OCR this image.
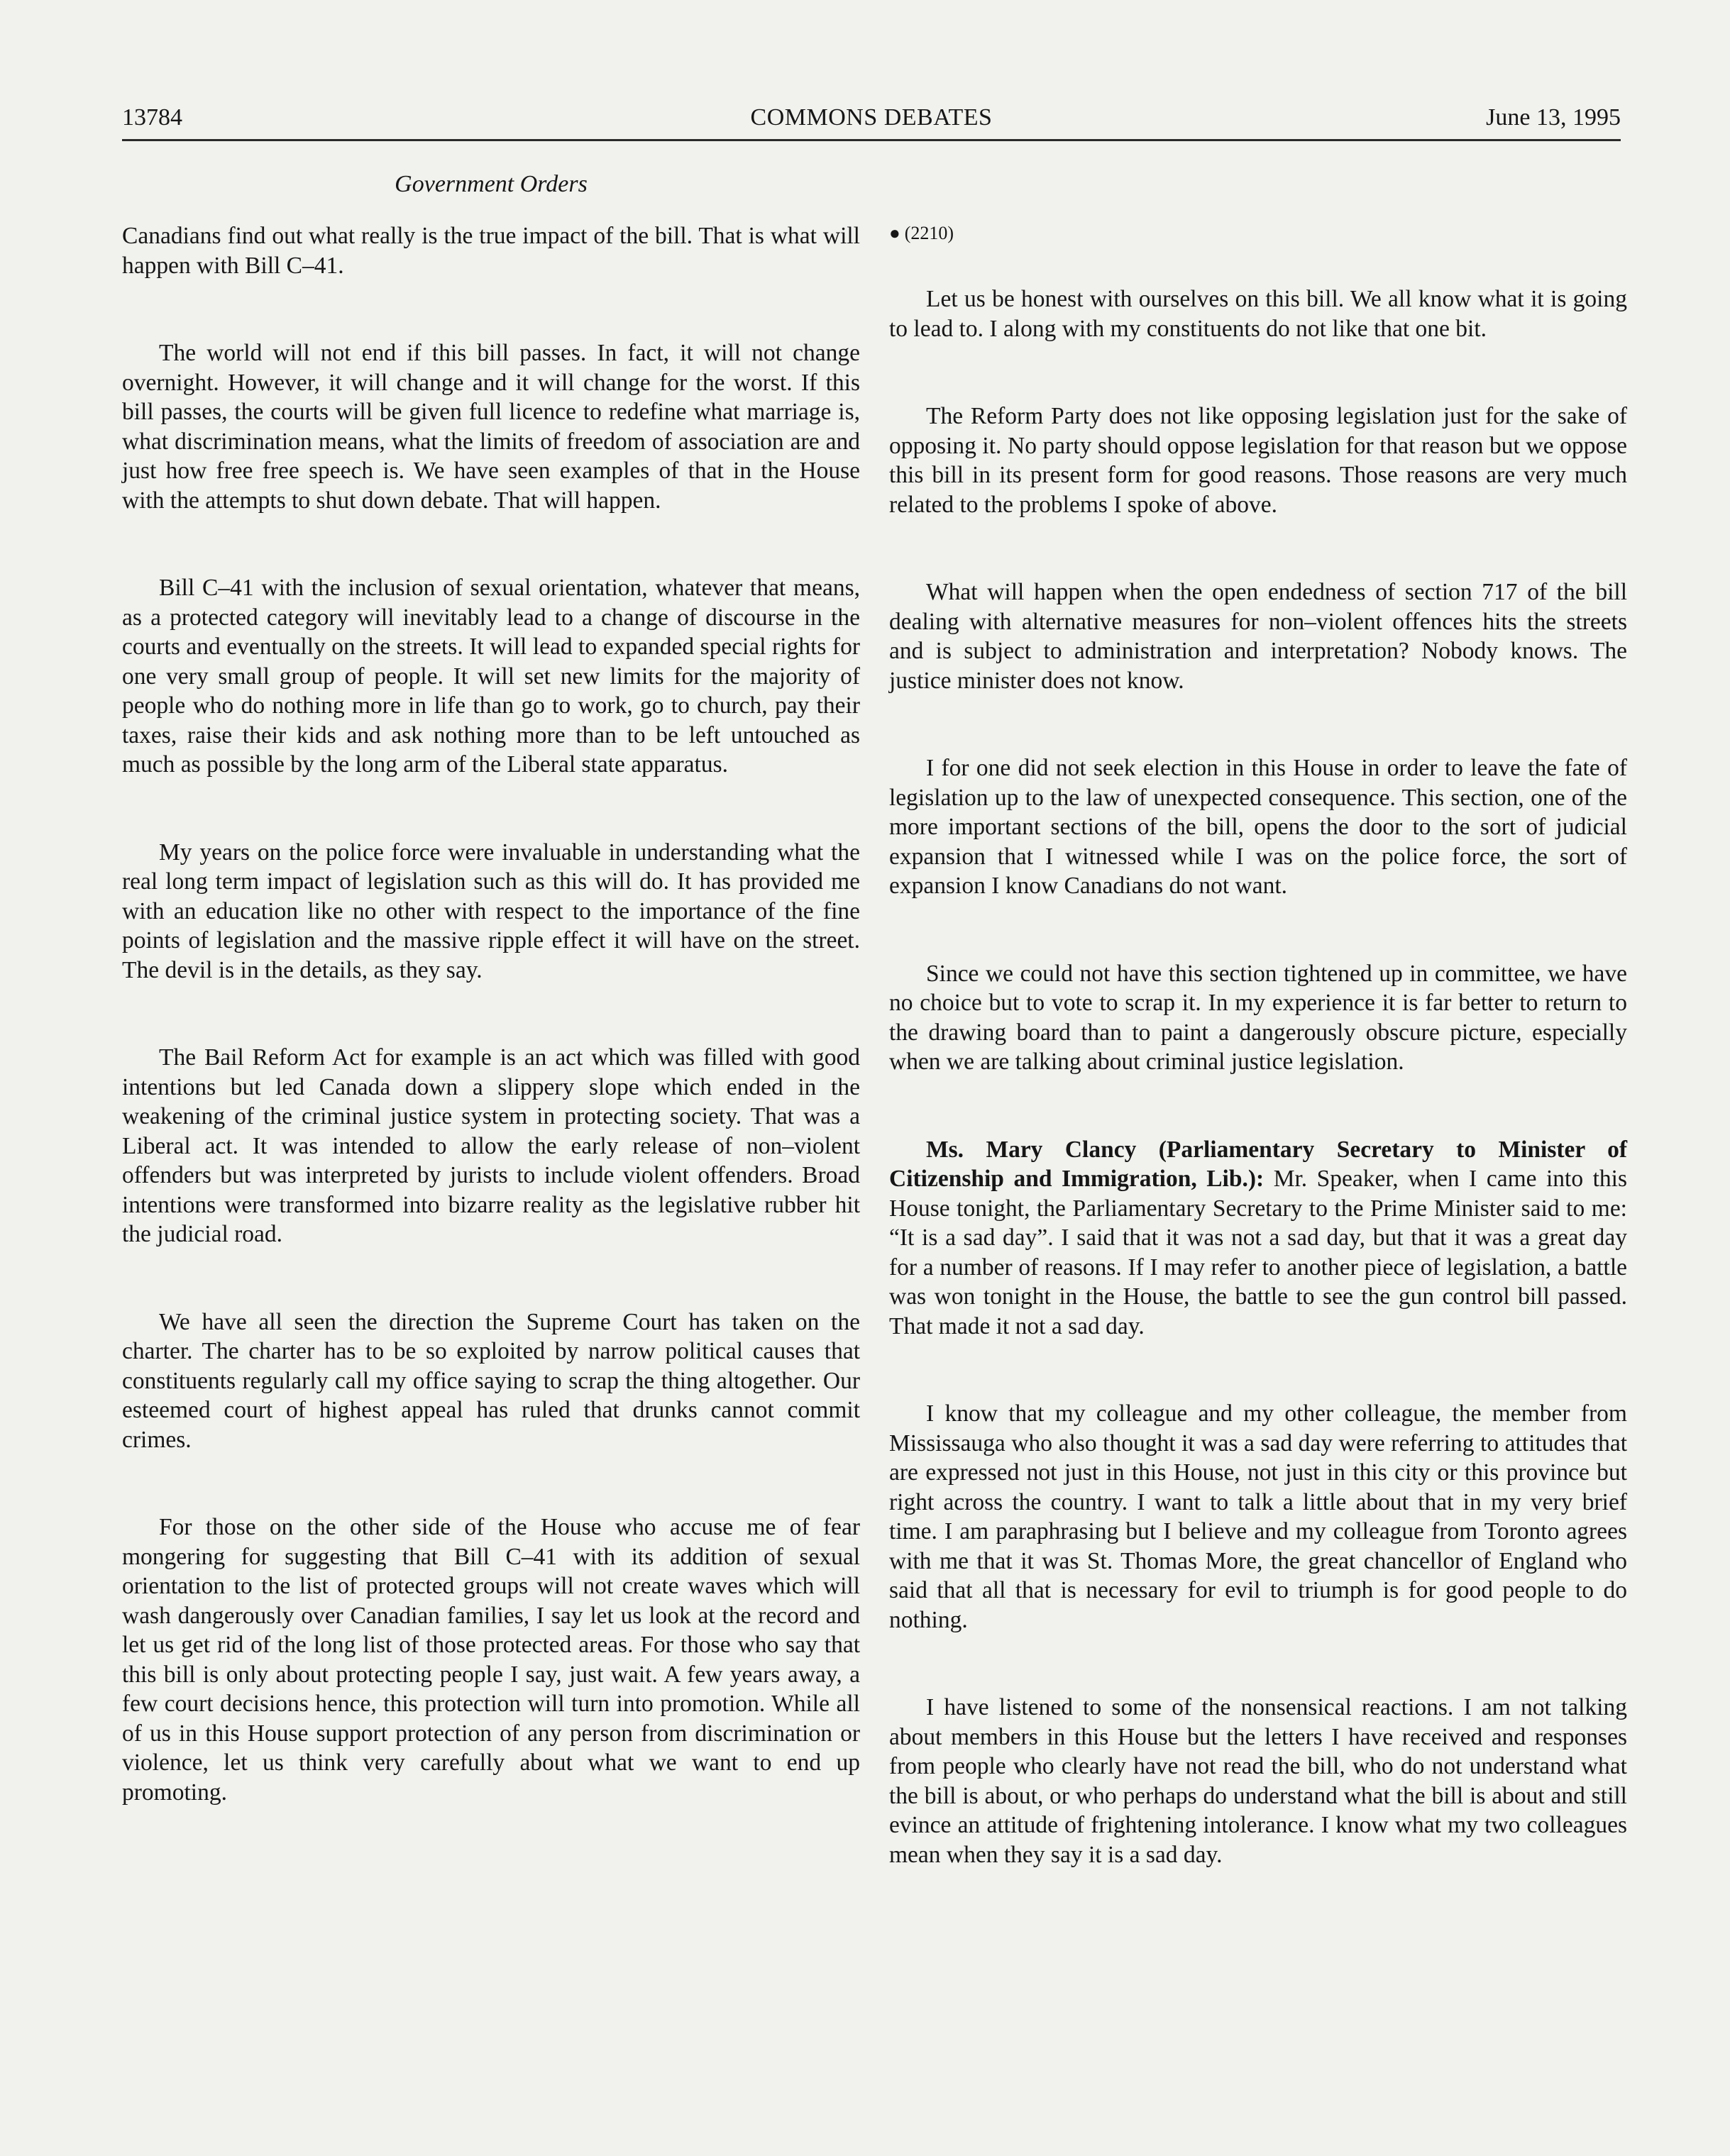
13784	COMMONS DEBATES	June 13, 1995
Government Orders

Canadians find out what really is the true impact of the bill. That is what will happen with Bill C–41.

The world will not end if this bill passes. In fact, it will not change overnight. However, it will change and it will change for the worst. If this bill passes, the courts will be given full licence to redefine what marriage is, what discrimination means, what the limits of freedom of association are and just how free free speech is. We have seen examples of that in the House with the attempts to shut down debate. That will happen.

Bill C–41 with the inclusion of sexual orientation, whatever that means, as a protected category will inevitably lead to a change of discourse in the courts and eventually on the streets. It will lead to expanded special rights for one very small group of people. It will set new limits for the majority of people who do nothing more in life than go to work, go to church, pay their taxes, raise their kids and ask nothing more than to be left untouched as much as possible by the long arm of the Liberal state apparatus.

My years on the police force were invaluable in understanding what the real long term impact of legislation such as this will do. It has provided me with an education like no other with respect to the importance of the fine points of legislation and the massive ripple effect it will have on the street. The devil is in the details, as they say.

The Bail Reform Act for example is an act which was filled with good intentions but led Canada down a slippery slope which ended in the weakening of the criminal justice system in protecting society. That was a Liberal act. It was intended to allow the early release of non–violent offenders but was interpreted by jurists to include violent offenders. Broad intentions were transformed into bizarre reality as the legislative rubber hit the judicial road.

We have all seen the direction the Supreme Court has taken on the charter. The charter has to be so exploited by narrow political causes that constituents regularly call my office saying to scrap the thing altogether. Our esteemed court of highest appeal has ruled that drunks cannot commit crimes.

For those on the other side of the House who accuse me of fear mongering for suggesting that Bill C–41 with its addition of sexual orientation to the list of protected groups will not create waves which will wash dangerously over Canadian families, I say let us look at the record and let us get rid of the long list of those protected areas. For those who say that this bill is only about protecting people I say, just wait. A few years away, a few court decisions hence, this protection will turn into promotion. While all of us in this House support protection of any person from discrimination or violence, let us think very carefully about what we want to end up promoting.

● (2210)

Let us be honest with ourselves on this bill. We all know what it is going to lead to. I along with my constituents do not like that one bit.

The Reform Party does not like opposing legislation just for the sake of opposing it. No party should oppose legislation for that reason but we oppose this bill in its present form for good reasons. Those reasons are very much related to the problems I spoke of above.

What will happen when the open endedness of section 717 of the bill dealing with alternative measures for non–violent offences hits the streets and is subject to administration and interpretation? Nobody knows. The justice minister does not know.

I for one did not seek election in this House in order to leave the fate of legislation up to the law of unexpected consequence. This section, one of the more important sections of the bill, opens the door to the sort of judicial expansion that I witnessed while I was on the police force, the sort of expansion I know Canadians do not want.

Since we could not have this section tightened up in committee, we have no choice but to vote to scrap it. In my experience it is far better to return to the drawing board than to paint a dangerously obscure picture, especially when we are talking about criminal justice legislation.

Ms. Mary Clancy (Parliamentary Secretary to Minister of Citizenship and Immigration, Lib.): Mr. Speaker, when I came into this House tonight, the Parliamentary Secretary to the Prime Minister said to me: “It is a sad day”. I said that it was not a sad day, but that it was a great day for a number of reasons. If I may refer to another piece of legislation, a battle was won tonight in the House, the battle to see the gun control bill passed. That made it not a sad day.

I know that my colleague and my other colleague, the member from Mississauga who also thought it was a sad day were referring to attitudes that are expressed not just in this House, not just in this city or this province but right across the country. I want to talk a little about that in my very brief time. I am paraphrasing but I believe and my colleague from Toronto agrees with me that it was St. Thomas More, the great chancellor of England who said that all that is necessary for evil to triumph is for good people to do nothing.

I have listened to some of the nonsensical reactions. I am not talking about members in this House but the letters I have received and responses from people who clearly have not read the bill, who do not understand what the bill is about, or who perhaps do understand what the bill is about and still evince an attitude of frightening intolerance. I know what my two colleagues mean when they say it is a sad day.
